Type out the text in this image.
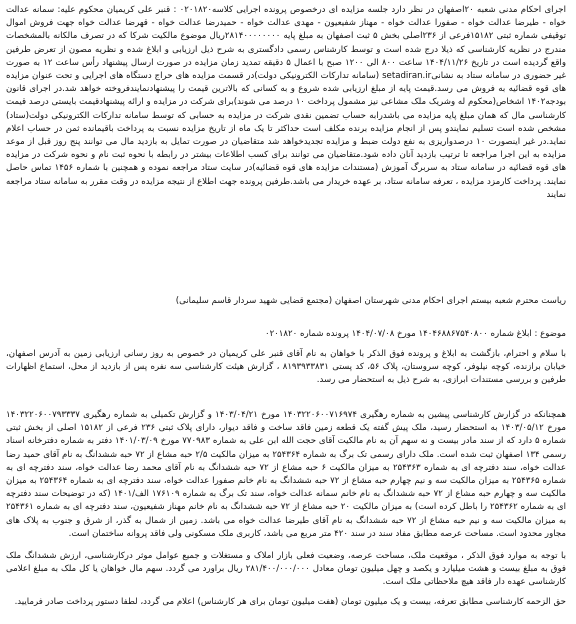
اجرای احکام مدنی شعبه ۲۰اصفهان در نظر دارد جلسه مزایده ای درخصوص پرونده اجرایی کلاسه۰۲۰۱۸۲۰ : قنبر علی کریمیان محکوم علیه: سمانه عدالت خواه - طیرضا عدالت خواه - صفورا عدالت خواه - مهناز شفیعیون - مهدی عدالت خواه - حمیدرضا عدالت خواه - قهرضا عدالت خواه جهت فروش اموال توقیفی شماره ثبتی ۱۵۱۸۲فرعی از ۲۳۶اصلی بخش ۵ ثبت اصفهان به مبلغ پایه ۲۸۱۴۰۰۰۰۰۰۰۰ریال موضوع مالکیت شرکا که در تصرف مالکانه بالمشخصات مندرج در نظریه کارشناسی که ذیلا درج شده است و توسط کارشناس رسمی دادگستری به شرح ذیل ارزیابی و ابلاغ شده و نظریه مصون از تعرض طرفین واقع گردیده است در تاریخ ۱۴۰۴/۱۱/۲۶ ساعت ۸۰۰ الی ۱۲۰۰ صبح با اعمال ۵ دقیقه تمدید زمان مزایده در صورت ارسال پیشنهاد رأس ساعت ۱۲ به صورت غیر حضوری در سامانه ستاد به نشانیsetadiran.ir (سامانه تدارکات الکترونیکی دولت)در قسمت مزایده های حراج دستگاه های اجرایی و تحت عنوان مزایده های قوه قضائیه به فروش می رسد.قیمت پایه از مبلغ ارزیابی شده شروع و به کسانی که بالاترین قیمت را پیشنهادنمایندفروخته خواهد شد.در اجرای قانون بودجه۱۴۰۲ اشخاص(محکوم له وشریک ملک مشاعی نیز مشمول پرداخت ۱۰ درصد می شوند)برای شرکت در مزایده و ارائه پیشنهادقیمت بایستی درصد قیمت کارشناسی مال که همان مبلغ پایه مزایده می باشدرابه حساب تضمین نقدی شرکت در مزایده به حسابی که توسط سامانه تدارکات الکترونیکی دولت(ستاد) مشخص شده است تسلیم نمایندو پس از انجام مزایده برنده مکلف است حداکثر تا یک ماه از تاریخ مزایده نسبت به پرداخت باقیمانده ثمن در حساب اعلام نماید.در غیر اینصورت ۱۰ درصدواریزی به نفع دولت ضبط و مزایده تجدیدخواهد شد متقاضیان در صورت تمایل به بازدید مال می توانند پنج روز قبل از موعد مزایده به این اجرا مراجعه تا ترتیب بازدید آنان داده شود.متقاضیان می توانند برای کسب اطلاعات بیشتر در رابطه با نحوه ثبت نام و نحوه شرکت در مزایده های قوه قضائیه در سامانه ستاد به سربرگ آموزش (مستندات مزایده های قوه قضائیه)در سایت ستاد مراجعه نموده و همچنین با شماره ۱۴۵۶ تماس حاصل نمایند. پرداخت کارمزد مزایده ، تعرفه سامانه ستاد، بر عهده خریدار می باشد.طرفین پرونده جهت اطلاع از نتیجه مزایده در وقت مقرر به سامانه ستاد مراجعه نمایند

ریاست محترم شعبه بیستم اجرای احکام مدنی شهرستان اصفهان (مجتمع قضایی شهید سردار قاسم سلیمانی)

موضوع : ابلاغ شماره ۱۴۰۴۶۸۸۶۷۵۴۰۸۰۰ مورخ ۱۴۰۴/۰۷/۰۸ پرونده شماره ۰۲۰۱۸۲۰

با سلام و احترام، بازگشت به ابلاغ و پرونده فوق الذکر با خواهان به نام آقای قنبر علی کریمیان در خصوص به روز رسانی ارزیابی زمین به آدرس اصفهان، خیابان برازنده، کوچه نیلوفر، کوچه سروستان، پلاک ۵۶، کد پستی ۸۱۹۳۹۳۳۸۳۱ ، گزارش هیئت کارشناسی سه نفره پس از بازدید از محل، استماع اظهارات طرفین و بررسی مستندات ابرازی، به شرح ذیل به استحضار می رسد.

همچنانکه در گزارش کارشناسی پیشین به شماره رهگیری ۱۴۰۳۲۲۰۶۰۰۷۱۶۹۷۴ مورخ ۱۴۰۳/۰۴/۲۱ و گزارش تکمیلی به شماره رهگیری ۱۴۰۳۲۲۰۶۰۰۷۹۳۳۳۷ مورخ ۱۴۰۳/۰۵/۱۲ به استحضار رسید، ملک پیش گفته یک قطعه زمین فاقد ساخت و فاقد دیوار، دارای پلاک ثبتی ۲۳۶ فرعی از ۱۵۱۸۲ اصلی از بخش ثبتی شماره ۵ دارد که از سند مادر بیست و نه سهم آن به نام مالکیت آقای حجت الله ابن علی به شماره ۷۷۰۹۸۳ مورخ ۱۴۰۱/۰۳/۰۹ دفتر به شماره دفترخانه اسناد رسمی ۱۳۴ اصفهان ثبت شده است. ملک دارای رسمی تک برگ به شماره ۲۵۴۳۶۴ به میزان مالکیت ۲/۵ حبه مشاع از ۷۲ حبه ششدانگ به نام آقای حمید رضا عدالت خواه، سند دفترچه ای به شماره ۲۵۴۳۶۳ به میزان مالکیت ۶ حبه مشاع از ۷۲ حبه ششدانگ به نام آقای محمد رضا عدالت خواه، سند دفترچه ای به شماره ۲۵۴۳۶۵ به میزان مالکیت سه و نیم چهارم حبه مشاع از ۷۲ حبه ششدانگ به نام خانم صفورا عدالت خواه، سند دفترچه ای به شماره ۲۵۴۳۶۴ به میزان مالکیت سه و چهارم حبه مشاع از ۷۲ حبه ششدانگ به نام خانم سمانه عدالت خواه، سند تک برگ به شماره ۱۷۶۱۰۹ الف/۱۴۰۱ (که در توضیحات سند دفترچه ای به شماره ۲۵۴۳۶۲ را باطل کرده است) به میزان مالکیت ۲۰ حبه مشاع از ۷۲ حبه ششدانگ به نام خانم مهناز شفیعیون، سند دفترچه ای به شماره ۲۵۴۳۶۱ به میزان مالکیت سه و نیم حبه مشاع از ۷۲ حبه ششدانگ به نام آقای طیرضا عدالت خواه می باشد. زمین از شمال به گذر، از شرق و جنوب به پلاک های مجاور محدود است. مساحت عرصه مطابق مفاد سند در سند ۴۲۰ متر مربع می باشد، کاربری ملک مسکونی ولی فاقد پروانه ساختمان است.

با توجه به موارد فوق الذکر ، موقعیت ملک، مساحت عرصه، وضعیت فعلی بازار املاک و مستغلات و جمیع عوامل موثر درکارشناسی، ارزش ششدانگ ملک فوق به مبلغ بیست و هشت میلیارد و یکصد و چهل میلیون تومان معادل ۲۸۱/۴۰۰/۰۰۰/۰۰۰ ریال براورد می گردد. سهم مال خواهان یا کل ملک به مبلغ اعلامی کارشناسی عهده دار فاقد هیچ ملاحظاتی ملک است.

حق الزحمه کارشناسی مطابق تعرفه، بیست و یک میلیون تومان (هفت میلیون تومان برای هر کارشناس) اعلام می گردد، لطفا دستور پرداخت صادر فرمایید.
